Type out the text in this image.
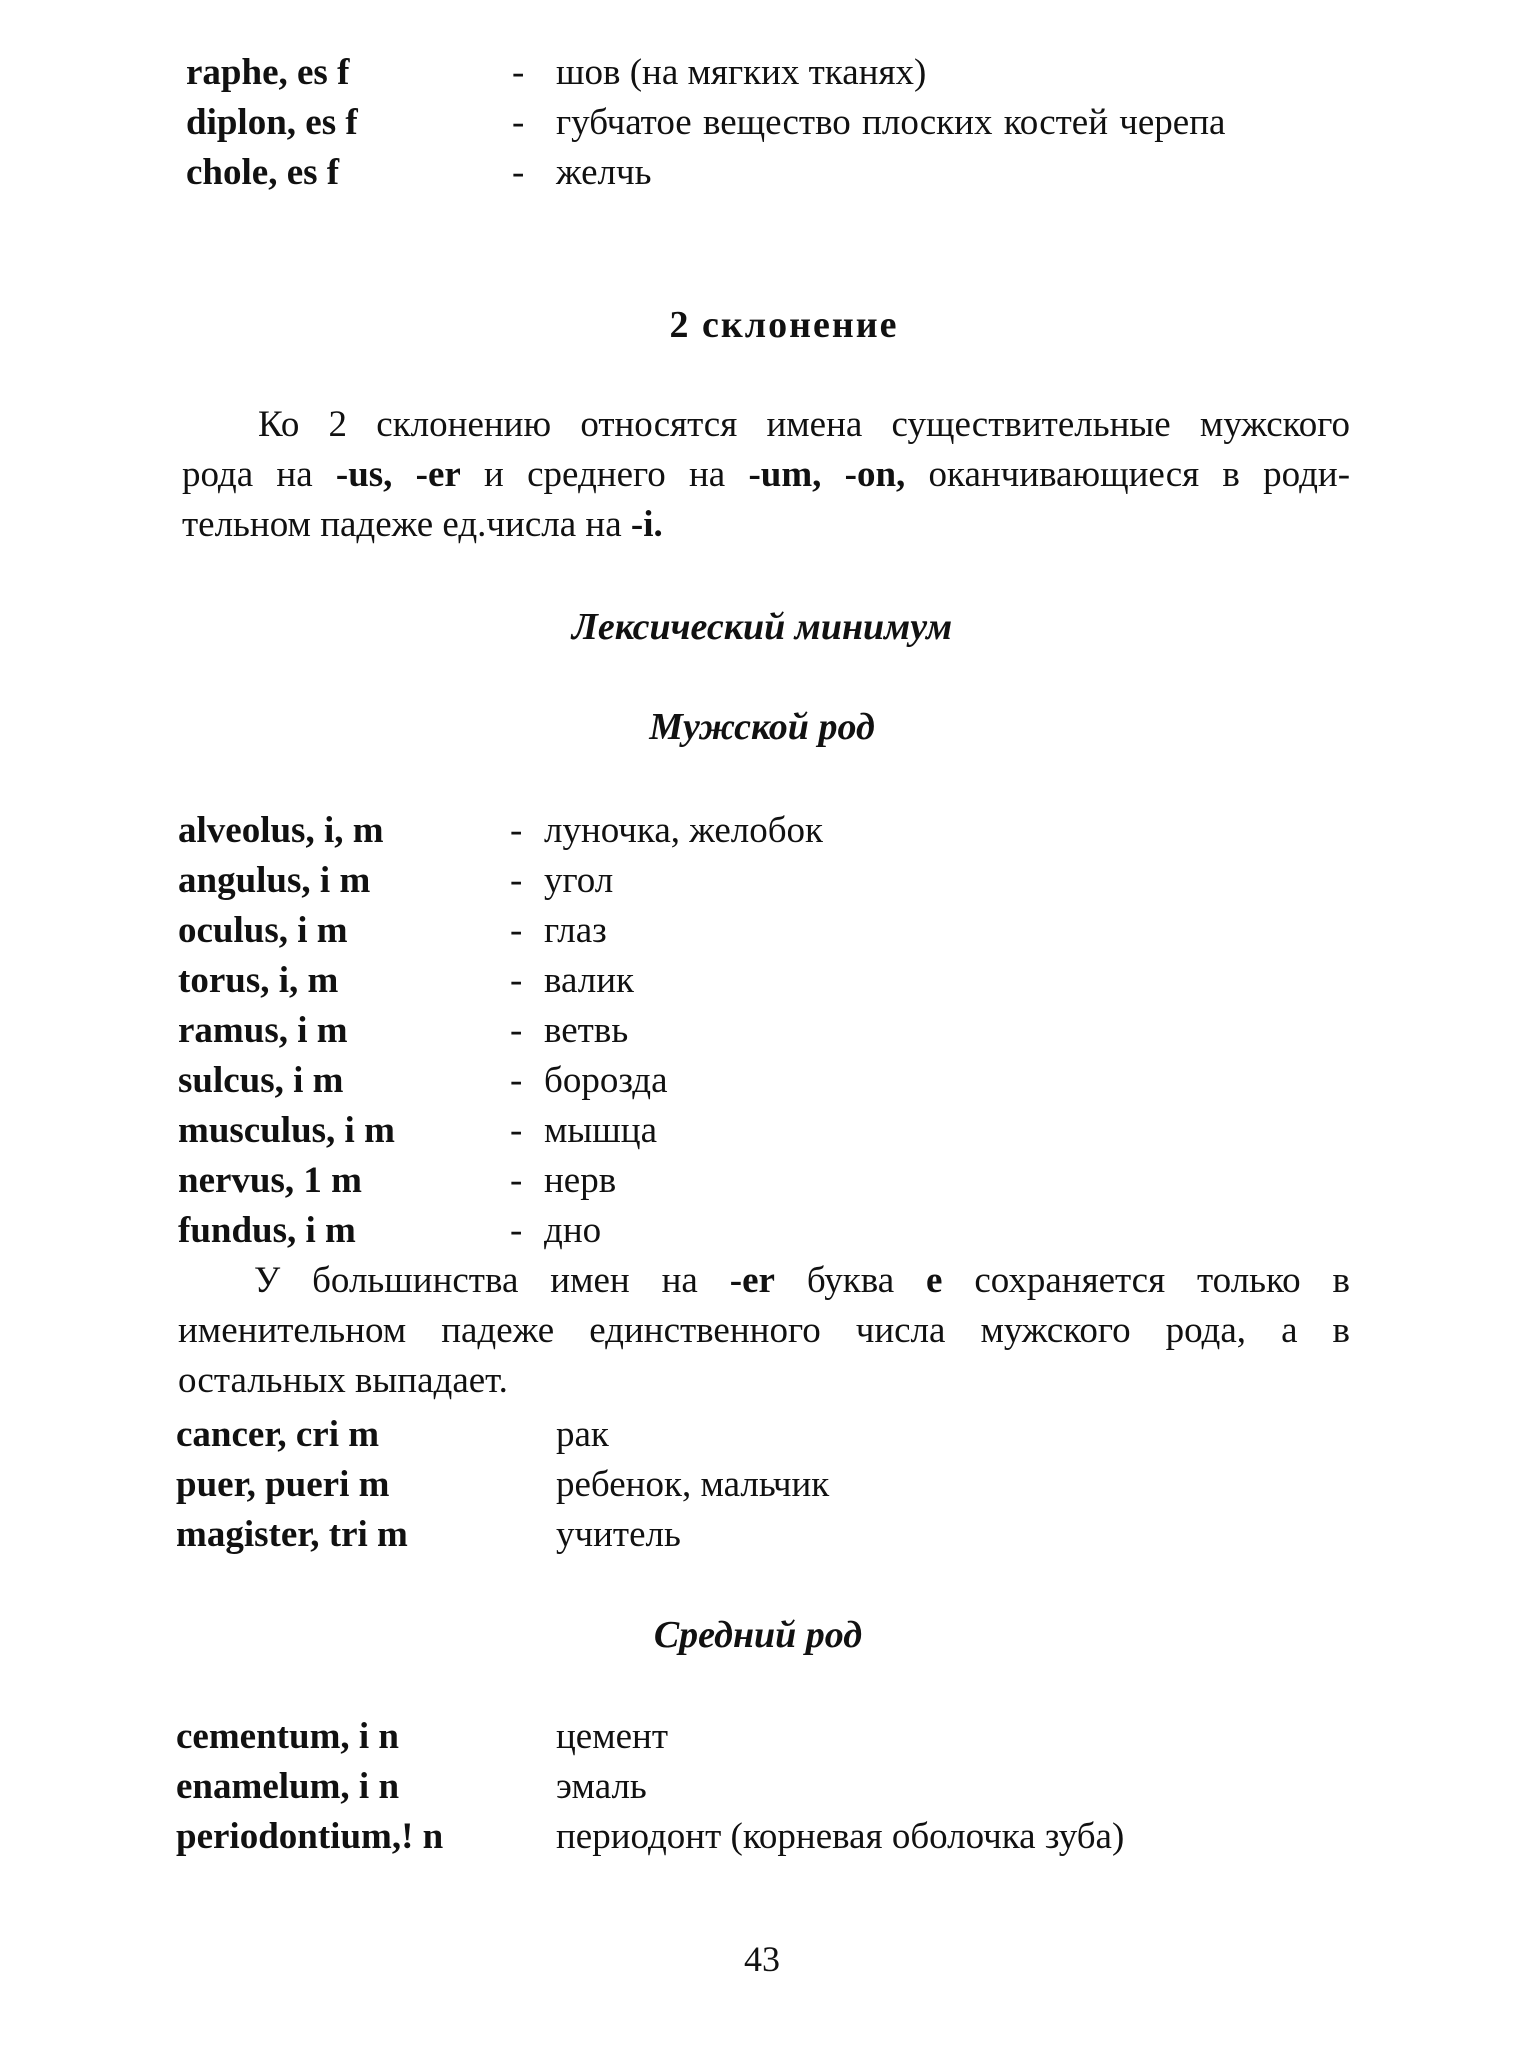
raphe, es f	- шов (на мягких тканях)
diplon, es f	- губчатое вещество плоских костей черепа
chole, es f	- желчь
2 склонение
Ко 2 склонению относятся имена существительные мужского
рода на -us, -er и среднего на -um, -on, оканчивающиеся в роди-
тельном падеже ед.числа на -i.
Лексический минимум
Мужской род
alveolus, i, m	- луночка, желобок
angulus, i m	- угол
oculus, i m	- глаз
torus, i, m	- валик
ramus, i m	- ветвь
sulcus, i m	- борозда
musculus, i m	- мышца
nervus, 1 m	- нерв
fundus, i m	- дно
У большинства имен на -er буква е сохраняется только в
именительном падеже единственного числа мужского рода, а в
остальных выпадает.
cancer, cri m	рак
puer, pueri m	ребенок, мальчик
magister, tri m	учитель
Средний род
cementum, i n	цемент
enamelum, i n	эмаль
periodontium,! n	периодонт (корневая оболочка зуба)
43
